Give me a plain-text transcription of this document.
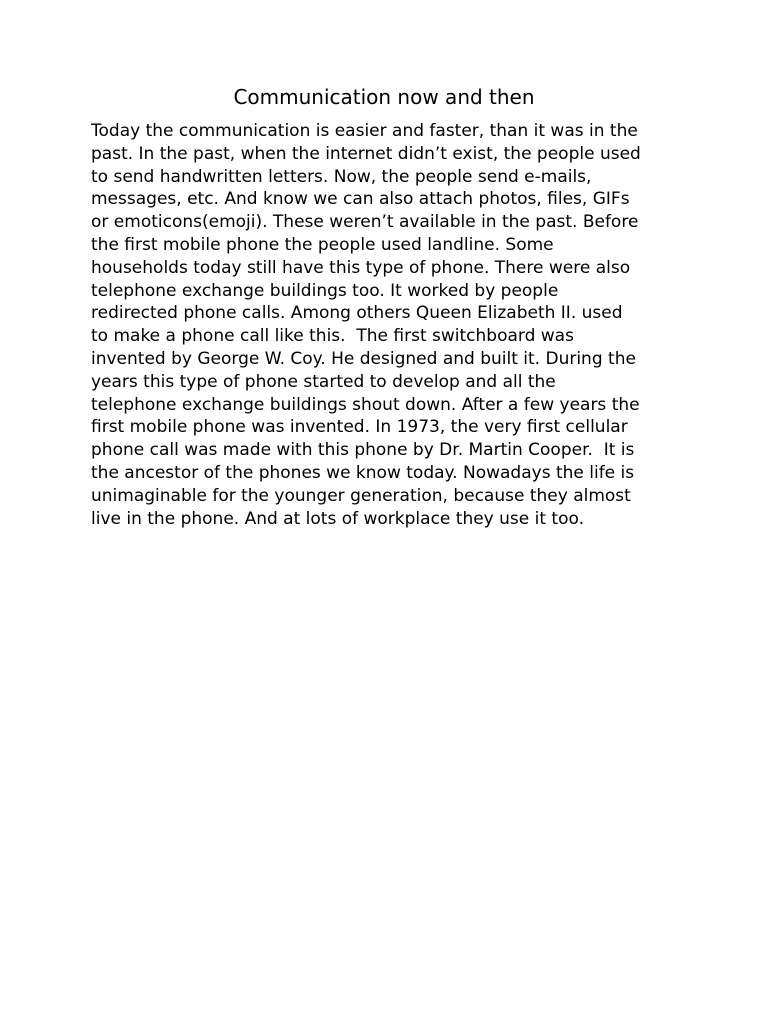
Communication now and then

Today the communication is easier and faster, than it was in the
past. In the past, when the internet didn’t exist, the people used
to send handwritten letters. Now, the people send e-mails,
messages, etc. And know we can also attach photos, files, GIFs
or emoticons(emoji). These weren’t available in the past. Before
the first mobile phone the people used landline. Some
households today still have this type of phone. There were also
telephone exchange buildings too. It worked by people
redirected phone calls. Among others Queen Elizabeth II. used
to make a phone call like this.  The first switchboard was
invented by George W. Coy. He designed and built it. During the
years this type of phone started to develop and all the
telephone exchange buildings shout down. After a few years the
first mobile phone was invented. In 1973, the very first cellular
phone call was made with this phone by Dr. Martin Cooper.  It is
the ancestor of the phones we know today. Nowadays the life is
unimaginable for the younger generation, because they almost
live in the phone. And at lots of workplace they use it too.
